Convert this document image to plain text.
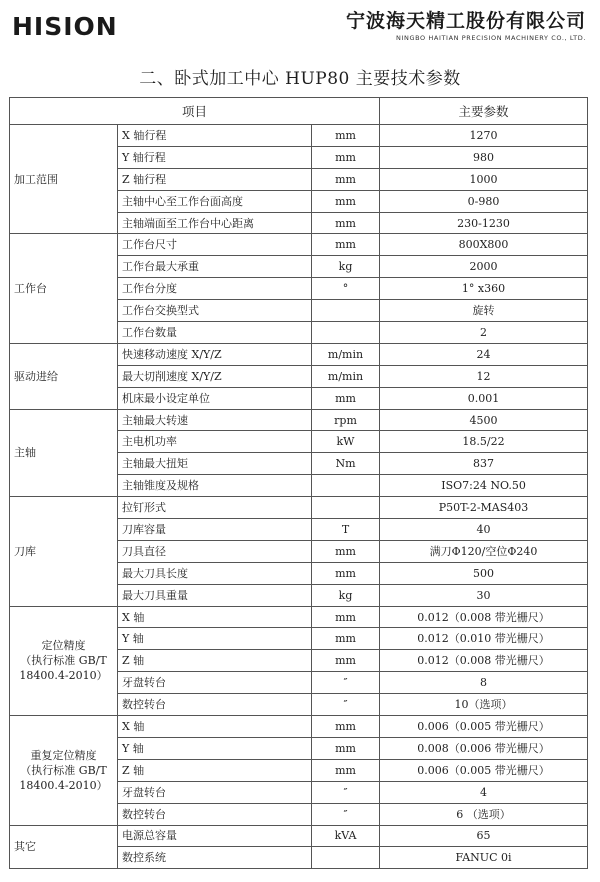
HISION	宁波海天精工股份有限公司
NINGBO HAITIAN PRECISION MACHINERY CO., LTD.
二、卧式加工中心 HUP80 主要技术参数
项目			主要参数

加工范围	X 轴行程	mm	1270
	Y 轴行程	mm	980
	Z 轴行程	mm	1000
	主轴中心至工作台面高度	mm	0-980
	主轴端面至工作台中心距离	mm	230-1230

工作台	工作台尺寸	mm	800X800
	工作台最大承重	kg	2000
	工作台分度	°	1° x360
	工作台交换型式		旋转
	工作台数量		2

驱动进给	快速移动速度 X/Y/Z	m/min	24
	最大切削速度 X/Y/Z	m/min	12
	机床最小设定单位	mm	0.001

主轴	主轴最大转速	rpm	4500
	主电机功率	kW	18.5/22
	主轴最大扭矩	Nm	837
	主轴锥度及规格		ISO7:24 NO.50

刀库	拉钉形式		P50T-2-MAS403
	刀库容量	T	40
	刀具直径	mm	满刀Φ120/空位Φ240
	最大刀具长度	mm	500
	最大刀具重量	kg	30

定位精度
（执行标准 GB/T
18400.4-2010）	X 轴	mm	0.012（0.008 带光栅尺）
	Y 轴	mm	0.012（0.010 带光栅尺）
	Z 轴	mm	0.012（0.008 带光栅尺）
	牙盘转台	″	8
	数控转台	″	10（选项）

重复定位精度
（执行标准 GB/T
18400.4-2010）	X 轴	mm	0.006（0.005 带光栅尺）
	Y 轴	mm	0.008（0.006 带光栅尺）
	Z 轴	mm	0.006（0.005 带光栅尺）
	牙盘转台	″	4
	数控转台	″	6 （选项）

其它	电源总容量	kVA	65
	数控系统		FANUC 0i
